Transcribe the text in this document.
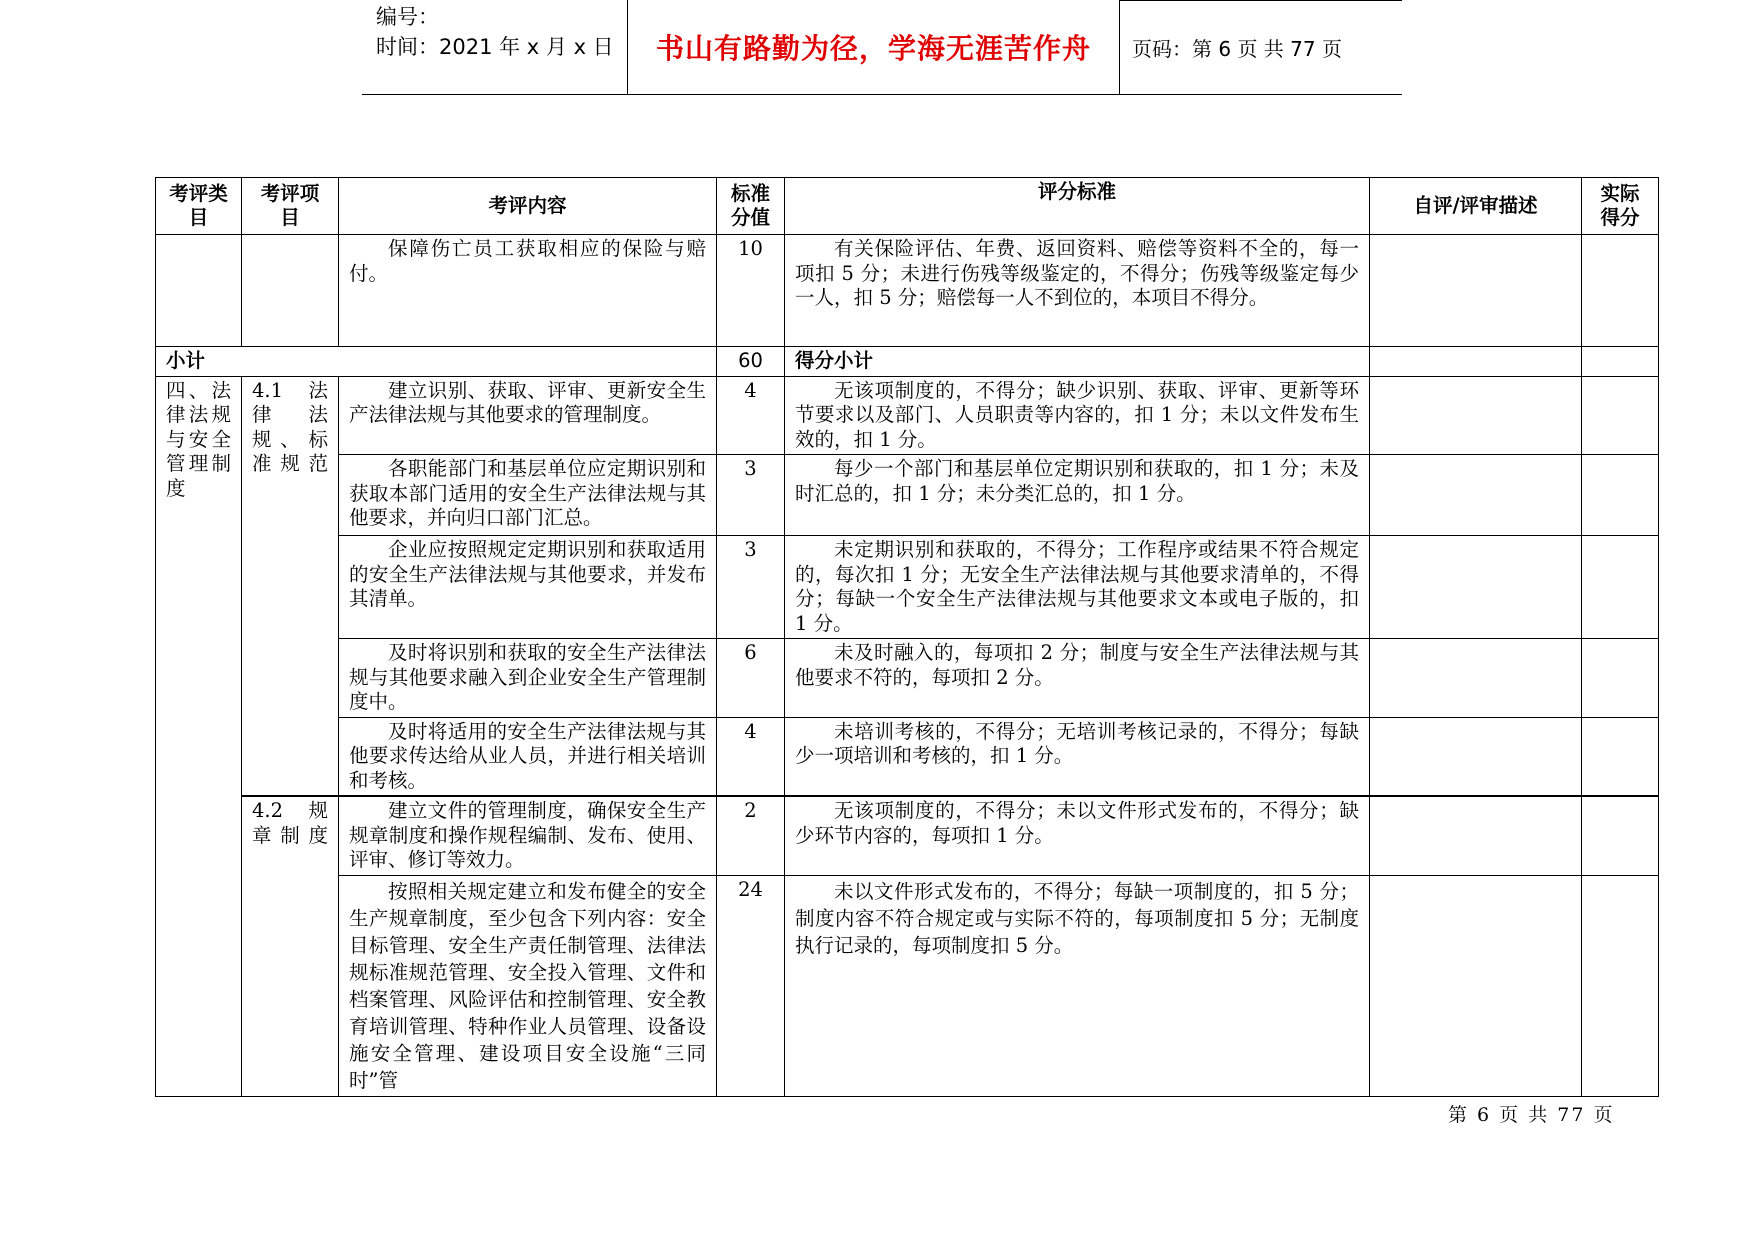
编号：
时间：2021 年 x 月 x 日	书山有路勤为径，学海无涯苦作舟	页码：第 6 页 共 77 页
考评类目	考评项目	考评内容	标准分值	评分标准	自评/评审描述	实际得分
		保障伤亡员工获取相应的保险与赔付。	10	有关保险评估、年费、返回资料、赔偿等资料不全的，每一项扣 5 分；未进行伤残等级鉴定的，不得分；伤残等级鉴定每少一人，扣 5 分；赔偿每一人不到位的，本项目不得分。		
小计			60	得分小计		
四、法律法规与安全管理制度	4.1 法律法规、标准规范	建立识别、获取、评审、更新安全生产法律法规与其他要求的管理制度。	4	无该项制度的，不得分；缺少识别、获取、评审、更新等环节要求以及部门、人员职责等内容的，扣 1 分；未以文件发布生效的，扣 1 分。		
		各职能部门和基层单位应定期识别和获取本部门适用的安全生产法律法规与其他要求，并向归口部门汇总。	3	每少一个部门和基层单位定期识别和获取的，扣 1 分；未及时汇总的，扣 1 分；未分类汇总的，扣 1 分。		
		企业应按照规定定期识别和获取适用的安全生产法律法规与其他要求，并发布其清单。	3	未定期识别和获取的，不得分；工作程序或结果不符合规定的，每次扣 1 分；无安全生产法律法规与其他要求清单的，不得分；每缺一个安全生产法律法规与其他要求文本或电子版的，扣 1 分。		
		及时将识别和获取的安全生产法律法规与其他要求融入到企业安全生产管理制度中。	6	未及时融入的，每项扣 2 分；制度与安全生产法律法规与其他要求不符的，每项扣 2 分。		
		及时将适用的安全生产法律法规与其他要求传达给从业人员，并进行相关培训和考核。	4	未培训考核的，不得分；无培训考核记录的，不得分；每缺少一项培训和考核的，扣 1 分。		
	4.2 规章制度	建立文件的管理制度，确保安全生产规章制度和操作规程编制、发布、使用、评审、修订等效力。	2	无该项制度的，不得分；未以文件形式发布的，不得分；缺少环节内容的，每项扣 1 分。		
		按照相关规定建立和发布健全的安全生产规章制度，至少包含下列内容：安全目标管理、安全生产责任制管理、法律法规标准规范管理、安全投入管理、文件和档案管理、风险评估和控制管理、安全教育培训管理、特种作业人员管理、设备设施安全管理、建设项目安全设施“三同时”管	24	未以文件形式发布的，不得分；每缺一项制度的，扣 5 分；制度内容不符合规定或与实际不符的，每项制度扣 5 分；无制度执行记录的，每项制度扣 5 分。		
第 6 页 共 77 页
